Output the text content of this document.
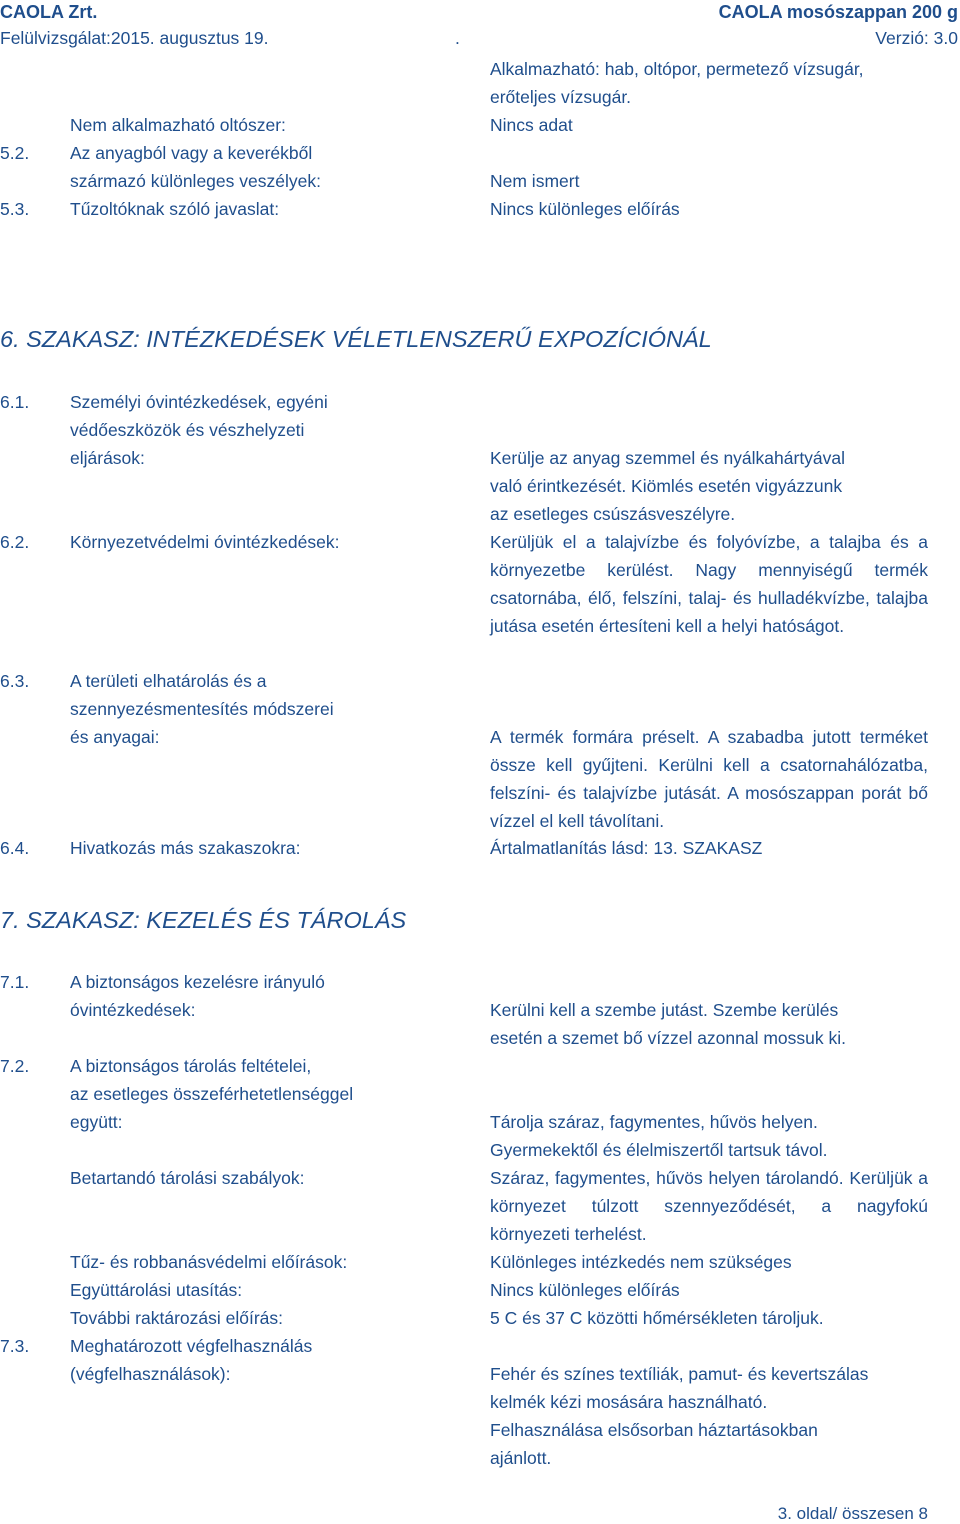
CAOLA Zrt.	CAOLA mosószappan 200 g
Felülvizsgálat:2015. augusztus 19.	.	Verzió: 3.0
Alkalmazható: hab, oltópor, permetező vízsugár,
erőteljes vízsugár.
Nem alkalmazható oltószer:	Nincs adat
5.2. Az anyagból vagy a keverékből
származó különleges veszélyek:	Nem ismert
5.3. Tűzoltóknak szóló javaslat:	Nincs különleges előírás
6. SZAKASZ: INTÉZKEDÉSEK VÉLETLENSZERŰ EXPOZÍCIÓNÁL
6.1. Személyi óvintézkedések, egyéni
védőeszközök és vészhelyzeti
eljárások:	Kerülje az anyag szemmel és nyálkahártyával
való érintkezését. Kiömlés esetén vigyázzunk
az esetleges csúszásveszélyre.
6.2. Környezetvédelmi óvintézkedések:	Kerüljük el a talajvízbe és folyóvízbe, a talajba és a környezetbe kerülést. Nagy mennyiségű termék csatornába, élő, felszíni, talaj- és hulladékvízbe, talajba jutása esetén értesíteni kell a helyi hatóságot.
6.3. A területi elhatárolás és a
szennyezésmentesítés módszerei
és anyagai:	A termék formára préselt. A szabadba jutott terméket össze kell gyűjteni. Kerülni kell a csatornahálózatba, felszíni- és talajvízbe jutását. A mosószappan porát bő vízzel el kell távolítani.
6.4. Hivatkozás más szakaszokra:	Ártalmatlanítás lásd: 13. SZAKASZ
7. SZAKASZ: KEZELÉS ÉS TÁROLÁS
7.1. A biztonságos kezelésre irányuló
óvintézkedések:	Kerülni kell a szembe jutást. Szembe kerülés
esetén a szemet bő vízzel azonnal mossuk ki.
7.2. A biztonságos tárolás feltételei,
az esetleges összeférhetetlenséggel
együtt:	Tárolja száraz, fagymentes, hűvös helyen.
Gyermekektől és élelmiszertől tartsuk távol.
Betartandó tárolási szabályok:	Száraz, fagymentes, hűvös helyen tárolandó. Kerüljük a környezet túlzott szennyeződését, a nagyfokú környezeti terhelést.
Tűz- és robbanásvédelmi előírások:	Különleges intézkedés nem szükséges
Együttárolási utasítás:	Nincs különleges előírás
További raktározási előírás:	5 C és 37 C közötti hőmérsékleten tároljuk.
7.3. Meghatározott végfelhasználás
(végfelhasználások):	Fehér és színes textíliák, pamut- és kevertszálas
kelmék kézi mosására használható.
Felhasználása elsősorban háztartásokban
ajánlott.
3. oldal/ összesen 8
